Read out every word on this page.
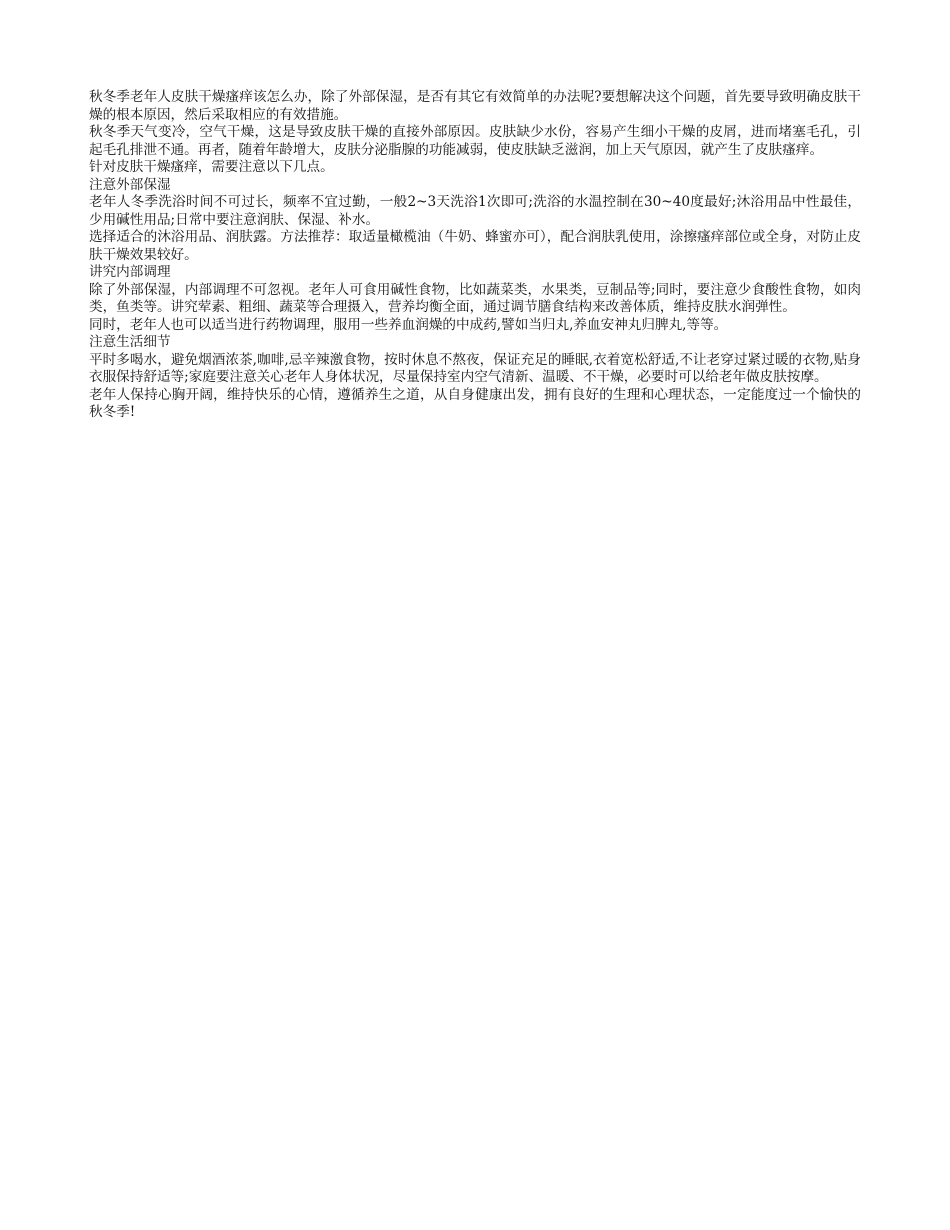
秋冬季老年人皮肤干燥瘙痒该怎么办，除了外部保湿，是否有其它有效简单的办法呢?要想解决这个问题，首先要导致明确皮肤干燥的根本原因，然后采取相应的有效措施。

秋冬季天气变冷，空气干燥，这是导致皮肤干燥的直接外部原因。皮肤缺少水份，容易产生细小干燥的皮屑，进而堵塞毛孔，引起毛孔排泄不通。再者，随着年龄增大，皮肤分泌脂腺的功能减弱，使皮肤缺乏滋润，加上天气原因，就产生了皮肤瘙痒。

针对皮肤干燥瘙痒，需要注意以下几点。

注意外部保湿

老年人冬季洗浴时间不可过长，频率不宜过勤，一般2~3天洗浴1次即可;洗浴的水温控制在30~40度最好;沐浴用品中性最佳，少用碱性用品;日常中要注意润肤、保湿、补水。

选择适合的沐浴用品、润肤露。方法推荐：取适量橄榄油（牛奶、蜂蜜亦可），配合润肤乳使用，涂擦瘙痒部位或全身，对防止皮肤干燥效果较好。

讲究内部调理

除了外部保湿，内部调理不可忽视。老年人可食用碱性食物，比如蔬菜类，水果类，豆制品等;同时，要注意少食酸性食物，如肉类，鱼类等。讲究荤素、粗细、蔬菜等合理摄入，营养均衡全面，通过调节膳食结构来改善体质，维持皮肤水润弹性。

同时，老年人也可以适当进行药物调理，服用一些养血润燥的中成药,譬如当归丸,养血安神丸归脾丸,等等。

注意生活细节

平时多喝水，避免烟酒浓茶,咖啡,忌辛辣激食物，按时休息不熬夜，保证充足的睡眠,衣着宽松舒适,不让老穿过紧过暖的衣物,贴身衣服保持舒适等;家庭要注意关心老年人身体状况，尽量保持室内空气清新、温暖、不干燥，必要时可以给老年做皮肤按摩。

老年人保持心胸开阔，维持快乐的心情，遵循养生之道，从自身健康出发，拥有良好的生理和心理状态，一定能度过一个愉快的秋冬季!
